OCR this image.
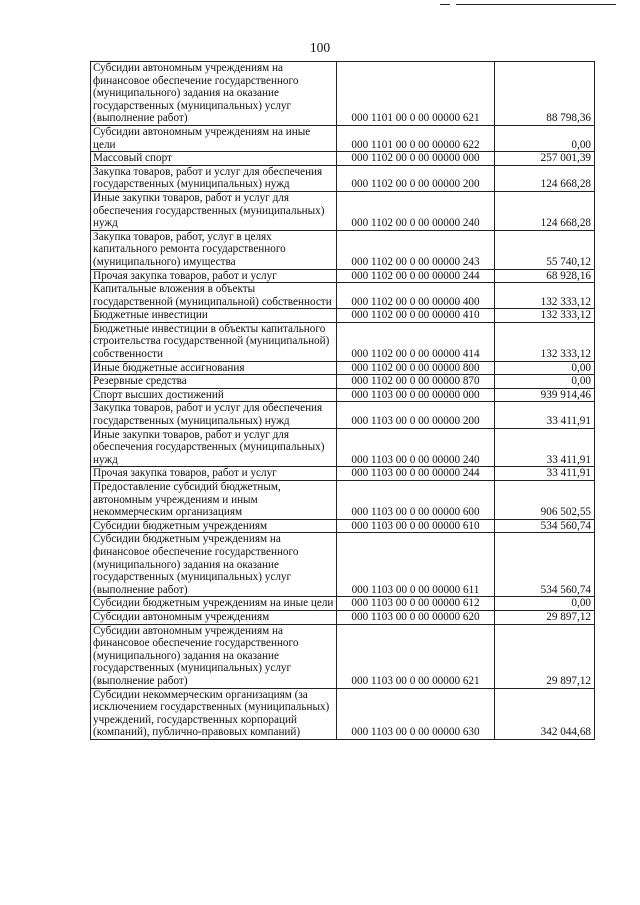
100
Субсидии автономным учреждениям на финансовое обеспечение государственного (муниципального) задания на оказание государственных (муниципальных) услуг (выполнение работ)	000 1101 00 0 00 00000 621	88 798,36
Субсидии автономным учреждениям на иные цели	000 1101 00 0 00 00000 622	0,00
Массовый спорт	000 1102 00 0 00 00000 000	257 001,39
Закупка товаров, работ и услуг для обеспечения государственных (муниципальных) нужд	000 1102 00 0 00 00000 200	124 668,28
Иные закупки товаров, работ и услуг для обеспечения государственных (муниципальных) нужд	000 1102 00 0 00 00000 240	124 668,28
Закупка товаров, работ, услуг в целях капитального ремонта государственного (муниципального) имущества	000 1102 00 0 00 00000 243	55 740,12
Прочая закупка товаров, работ и услуг	000 1102 00 0 00 00000 244	68 928,16
Капитальные вложения в объекты государственной (муниципальной) собственности	000 1102 00 0 00 00000 400	132 333,12
Бюджетные инвестиции	000 1102 00 0 00 00000 410	132 333,12
Бюджетные инвестиции в объекты капитального строительства государственной (муниципальной) собственности	000 1102 00 0 00 00000 414	132 333,12
Иные бюджетные ассигнования	000 1102 00 0 00 00000 800	0,00
Резервные средства	000 1102 00 0 00 00000 870	0,00
Спорт высших достижений	000 1103 00 0 00 00000 000	939 914,46
Закупка товаров, работ и услуг для обеспечения государственных (муниципальных) нужд	000 1103 00 0 00 00000 200	33 411,91
Иные закупки товаров, работ и услуг для обеспечения государственных (муниципальных) нужд	000 1103 00 0 00 00000 240	33 411,91
Прочая закупка товаров, работ и услуг	000 1103 00 0 00 00000 244	33 411,91
Предоставление субсидий бюджетным, автономным учреждениям и иным некоммерческим организациям	000 1103 00 0 00 00000 600	906 502,55
Субсидии бюджетным учреждениям	000 1103 00 0 00 00000 610	534 560,74
Субсидии бюджетным учреждениям на финансовое обеспечение государственного (муниципального) задания на оказание государственных (муниципальных) услуг (выполнение работ)	000 1103 00 0 00 00000 611	534 560,74
Субсидии бюджетным учреждениям на иные цели	000 1103 00 0 00 00000 612	0,00
Субсидии автономным учреждениям	000 1103 00 0 00 00000 620	29 897,12
Субсидии автономным учреждениям на финансовое обеспечение государственного (муниципального) задания на оказание государственных (муниципальных) услуг (выполнение работ)	000 1103 00 0 00 00000 621	29 897,12
Субсидии некоммерческим организациям (за исключением государственных (муниципальных) учреждений, государственных корпораций (компаний), публично-правовых компаний)	000 1103 00 0 00 00000 630	342 044,68
